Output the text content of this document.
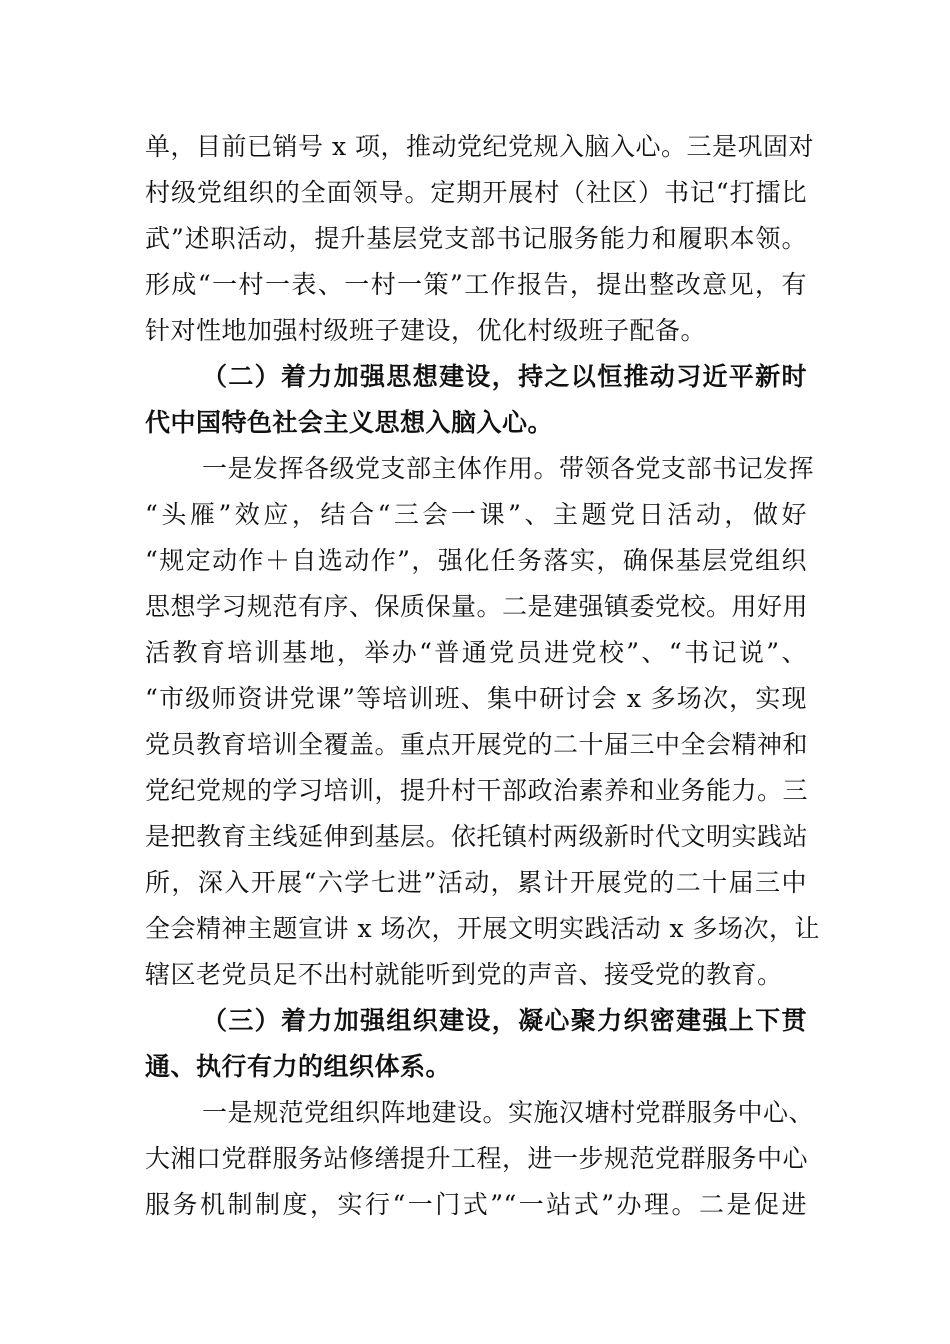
单，目前已销号 x 项，推动党纪党规入脑入心。三是巩固对
村级党组织的全面领导。定期开展村（社区）书记“打擂比
武”述职活动，提升基层党支部书记服务能力和履职本领。
形成“一村一表、一村一策”工作报告，提出整改意见，有
针对性地加强村级班子建设，优化村级班子配备。
（二）着力加强思想建设，持之以恒推动习近平新时
代中国特色社会主义思想入脑入心。
一是发挥各级党支部主体作用。带领各党支部书记发挥
“头雁”效应，结合“三会一课”、主题党日活动，做好
“规定动作＋自选动作”，强化任务落实，确保基层党组织
思想学习规范有序、保质保量。二是建强镇委党校。用好用
活教育培训基地，举办“普通党员进党校”、“书记说”、
“市级师资讲党课”等培训班、集中研讨会 x 多场次，实现
党员教育培训全覆盖。重点开展党的二十届三中全会精神和
党纪党规的学习培训，提升村干部政治素养和业务能力。三
是把教育主线延伸到基层。依托镇村两级新时代文明实践站
所，深入开展“六学七进”活动，累计开展党的二十届三中
全会精神主题宣讲 x 场次，开展文明实践活动 x 多场次，让
辖区老党员足不出村就能听到党的声音、接受党的教育。
（三）着力加强组织建设，凝心聚力织密建强上下贯
通、执行有力的组织体系。
一是规范党组织阵地建设。实施汉塘村党群服务中心、
大湘口党群服务站修缮提升工程，进一步规范党群服务中心
服务机制制度，实行“一门式”“一站式”办理。二是促进
